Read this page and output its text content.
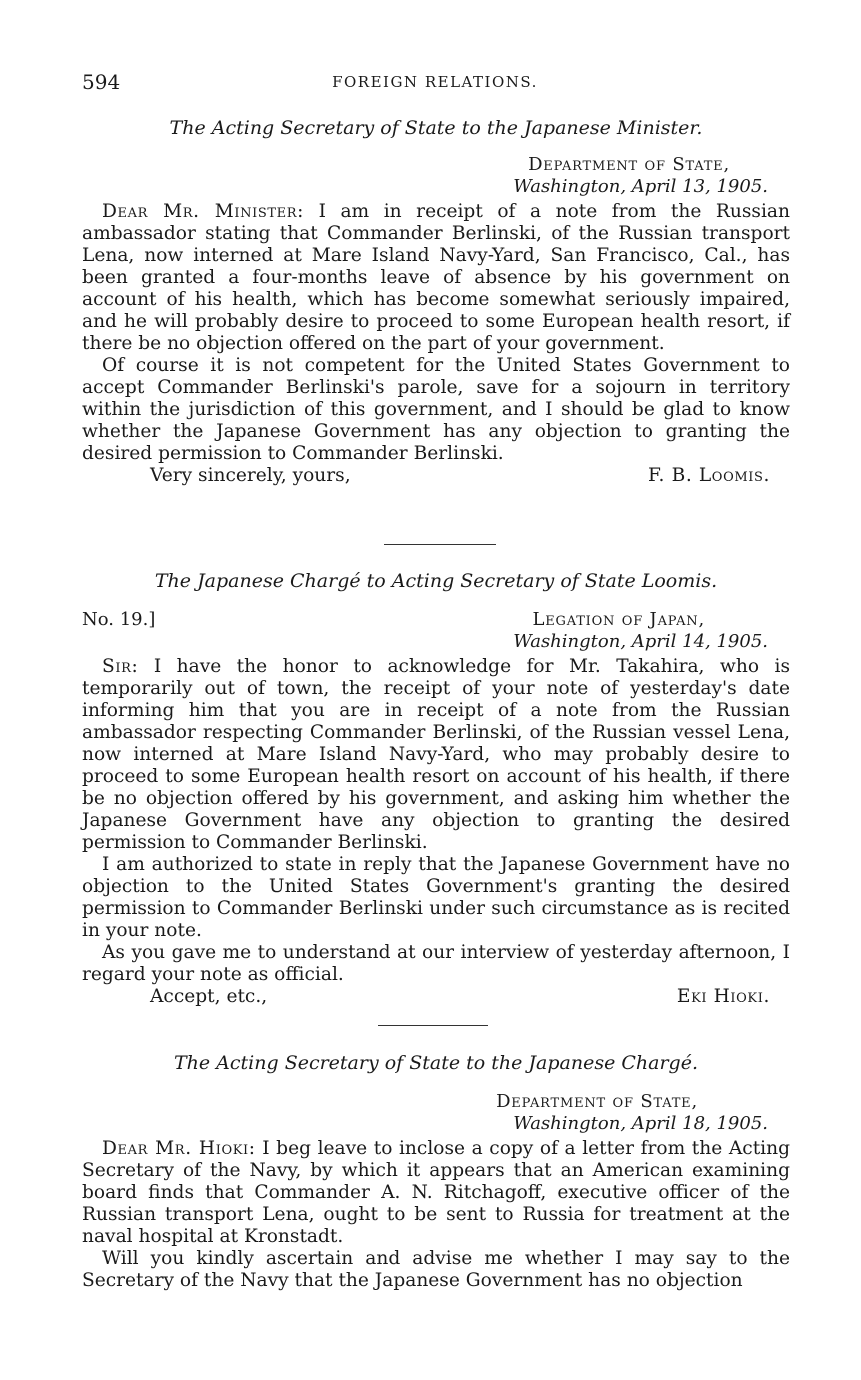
594	FOREIGN RELATIONS.
The Acting Secretary of State to the Japanese Minister.
Department of State,
Washington, April 13, 1905.

Dear Mr. Minister: I am in receipt of a note from the Russian ambassador stating that Commander Berlinski, of the Russian transport Lena, now interned at Mare Island Navy-Yard, San Francisco, Cal., has been granted a four-months leave of absence by his government on account of his health, which has become somewhat seriously impaired, and he will probably desire to proceed to some European health resort, if there be no objection offered on the part of your government.

Of course it is not competent for the United States Government to accept Commander Berlinski's parole, save for a sojourn in territory within the jurisdiction of this government, and I should be glad to know whether the Japanese Government has any objection to granting the desired permission to Commander Berlinski.

Very sincerely, yours,	F. B. Loomis.
The Japanese Chargé to Acting Secretary of State Loomis.
No. 19.]	Legation of Japan,
Washington, April 14, 1905.

Sir: I have the honor to acknowledge for Mr. Takahira, who is temporarily out of town, the receipt of your note of yesterday's date informing him that you are in receipt of a note from the Russian ambassador respecting Commander Berlinski, of the Russian vessel Lena, now interned at Mare Island Navy-Yard, who may probably desire to proceed to some European health resort on account of his health, if there be no objection offered by his government, and asking him whether the Japanese Government have any objection to granting the desired permission to Commander Berlinski.

I am authorized to state in reply that the Japanese Government have no objection to the United States Government's granting the desired permission to Commander Berlinski under such circumstance as is recited in your note.

As you gave me to understand at our interview of yesterday afternoon, I regard your note as official.

Accept, etc.,	Eki Hioki.
The Acting Secretary of State to the Japanese Chargé.
Department of State,
Washington, April 18, 1905.

Dear Mr. Hioki: I beg leave to inclose a copy of a letter from the Acting Secretary of the Navy, by which it appears that an American examining board finds that Commander A. N. Ritchagoff, executive officer of the Russian transport Lena, ought to be sent to Russia for treatment at the naval hospital at Kronstadt.

Will you kindly ascertain and advise me whether I may say to the Secretary of the Navy that the Japanese Government has no objection
